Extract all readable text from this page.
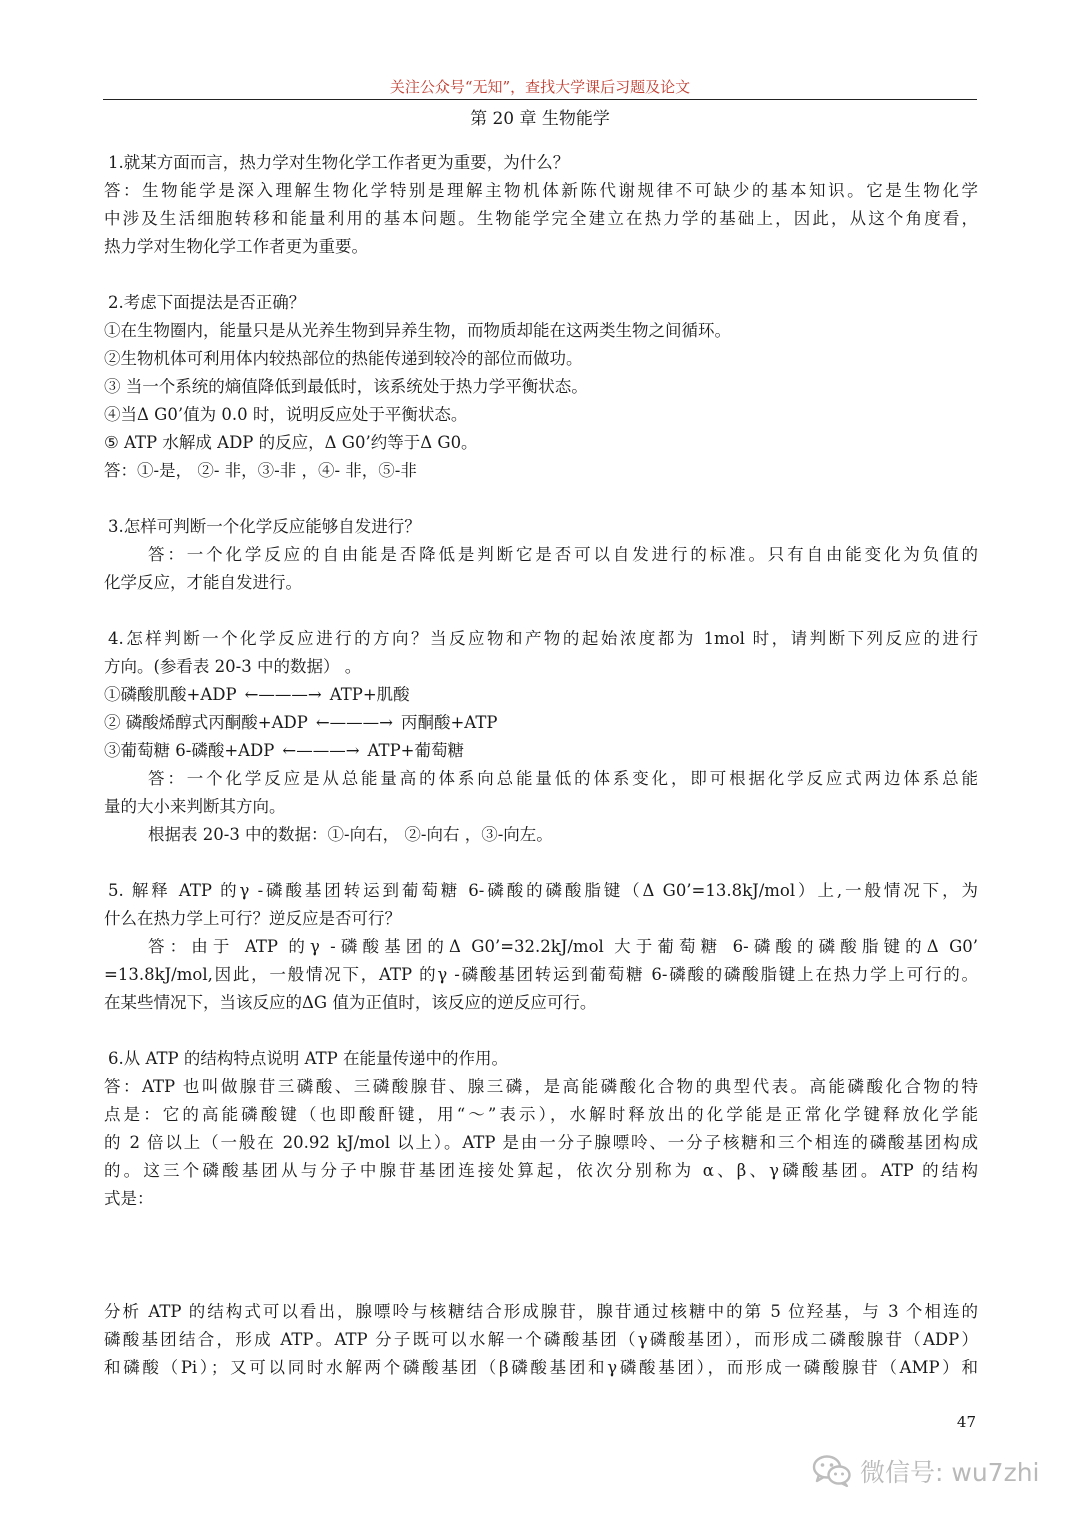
关注公众号“无知”，查找大学课后习题及论文
第 20 章 生物能学
1.就某方面而言，热力学对生物化学工作者更为重要，为什么？
答：生物能学是深入理解生物化学特别是理解主物机体新陈代谢规律不可缺少的基本知识。它是生物化学
中涉及生活细胞转移和能量利用的基本问题。生物能学完全建立在热力学的基础上，因此，从这个角度看，
热力学对生物化学工作者更为重要。
2.考虑下面提法是否正确？
①在生物圈内，能量只是从光养生物到异养生物，而物质却能在这两类生物之间循环。
②生物机体可利用体内较热部位的热能传递到较冷的部位而做功。
③ 当一个系统的熵值降低到最低时，该系统处于热力学平衡状态。
④当Δ G0’值为 0.0 时，说明反应处于平衡状态。
⑤ ATP 水解成 ADP 的反应，Δ G0’约等于Δ G0。
答：①-是， ②- 非，③-非 ，④- 非，⑤-非
3.怎样可判断一个化学反应能够自发进行？
答：一个化学反应的自由能是否降低是判断它是否可以自发进行的标准。只有自由能变化为负值的
化学反应，才能自发进行。
4.怎样判断一个化学反应进行的方向？当反应物和产物的起始浓度都为 1mol 时，请判断下列反应的进行
方向。(参看表 20-3 中的数据） 。
①磷酸肌酸+ADP ←———→ ATP+肌酸
② 磷酸烯醇式丙酮酸+ADP ←———→ 丙酮酸+ATP
③葡萄糖 6-磷酸+ADP ←———→ ATP+葡萄糖
答：一个化学反应是从总能量高的体系向总能量低的体系变化，即可根据化学反应式两边体系总能
量的大小来判断其方向。
根据表 20-3 中的数据：①-向右， ②-向右 ，③-向左。
5. 解释 ATP 的γ -磷酸基团转运到葡萄糖 6-磷酸的磷酸脂键（Δ G0’=13.8kJ/mol）上,一般情况下，为
什么在热力学上可行？逆反应是否可行？
答：由于 ATP 的γ -磷酸基团的Δ G0’=32.2kJ/mol 大于葡萄糖 6-磷酸的磷酸脂键的Δ G0’
=13.8kJ/mol,因此，一般情况下，ATP 的γ -磷酸基团转运到葡萄糖 6-磷酸的磷酸脂键上在热力学上可行的。
在某些情况下，当该反应的ΔG 值为正值时，该反应的逆反应可行。
6.从 ATP 的结构特点说明 ATP 在能量传递中的作用。
答：ATP 也叫做腺苷三磷酸、三磷酸腺苷、腺三磷，是高能磷酸化合物的典型代表。高能磷酸化合物的特
点是：它的高能磷酸键（也即酸酐键，用“～”表示），水解时释放出的化学能是正常化学键释放化学能
的 2 倍以上（一般在 20.92 kJ/mol 以上）。ATP 是由一分子腺嘌呤、一分子核糖和三个相连的磷酸基团构成
的。这三个磷酸基团从与分子中腺苷基团连接处算起，依次分别称为 α、β、γ磷酸基团。ATP 的结构
式是：
分析 ATP 的结构式可以看出，腺嘌呤与核糖结合形成腺苷，腺苷通过核糖中的第 5 位羟基，与 3 个相连的
磷酸基团结合，形成 ATP。ATP 分子既可以水解一个磷酸基团（γ磷酸基团），而形成二磷酸腺苷（ADP）
和磷酸（Pi）；又可以同时水解两个磷酸基团（β磷酸基团和γ磷酸基团），而形成一磷酸腺苷（AMP）和
47
微信号: wu7zhi
